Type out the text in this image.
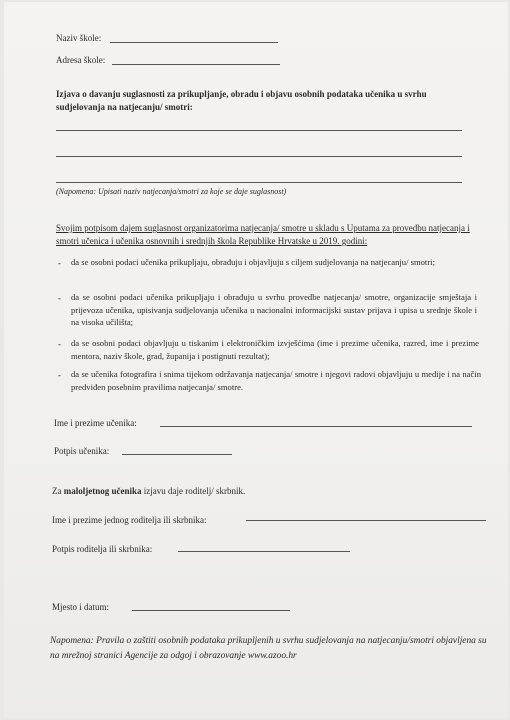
Naziv škole:
Adresa škole:
Izjava o davanju suglasnosti za prikupljanje, obradu i objavu osobnih podataka učenika u svrhu sudjelovanja na natjecanju/ smotri:
(Napomena: Upisati naziv natjecanja/smotri za koje se daje suglasnost)
Svojim potpisom dajem suglasnost organizatorima natjecanja/ smotre u skladu s Uputama za provedbu natjecanja i smotri učenica i učenika osnovnih i srednjih škola Republike Hrvatske u 2019. godini:
- da se osobni podaci učenika prikupljaju, obrađuju i objavljuju s ciljem sudjelovanja na natjecanju/ smotri;
- da se osobni podaci učenika prikupljaju i obrađuju u svrhu provedbe natjecanja/ smotre, organizacije smještaja i prijevoza učenika, upisivanja sudjelovanja učenika u nacionalni informacijski sustav prijava i upisa u srednje škole i na visoka učilišta;
- da se osobni podaci objavljuju u tiskanim i elektroničkim izvješćima (ime i prezime učenika, razred, ime i prezime mentora, naziv škole, grad, županija i postignuti rezultat);
- da se učenika fotografira i snima tijekom održavanja natjecanja/ smotre i njegovi radovi objavljuju u medije i na način predviđen posebnim pravilima natjecanja/ smotre.
Ime i prezime učenika:
Potpis učenika:
Za maloljetnog učenika izjavu daje roditelj/ skrbnik.
Ime i prezime jednog roditelja ili skrbnika:
Potpis roditelja ili skrbnika:
Mjesto i datum:
Napomena: Pravila o zaštiti osobnih podataka prikupljenih u svrhu sudjelovanja na natjecanju/smotri objavljena su na mrežnoj stranici Agencije za odgoj i obrazovanje www.azoo.hr
